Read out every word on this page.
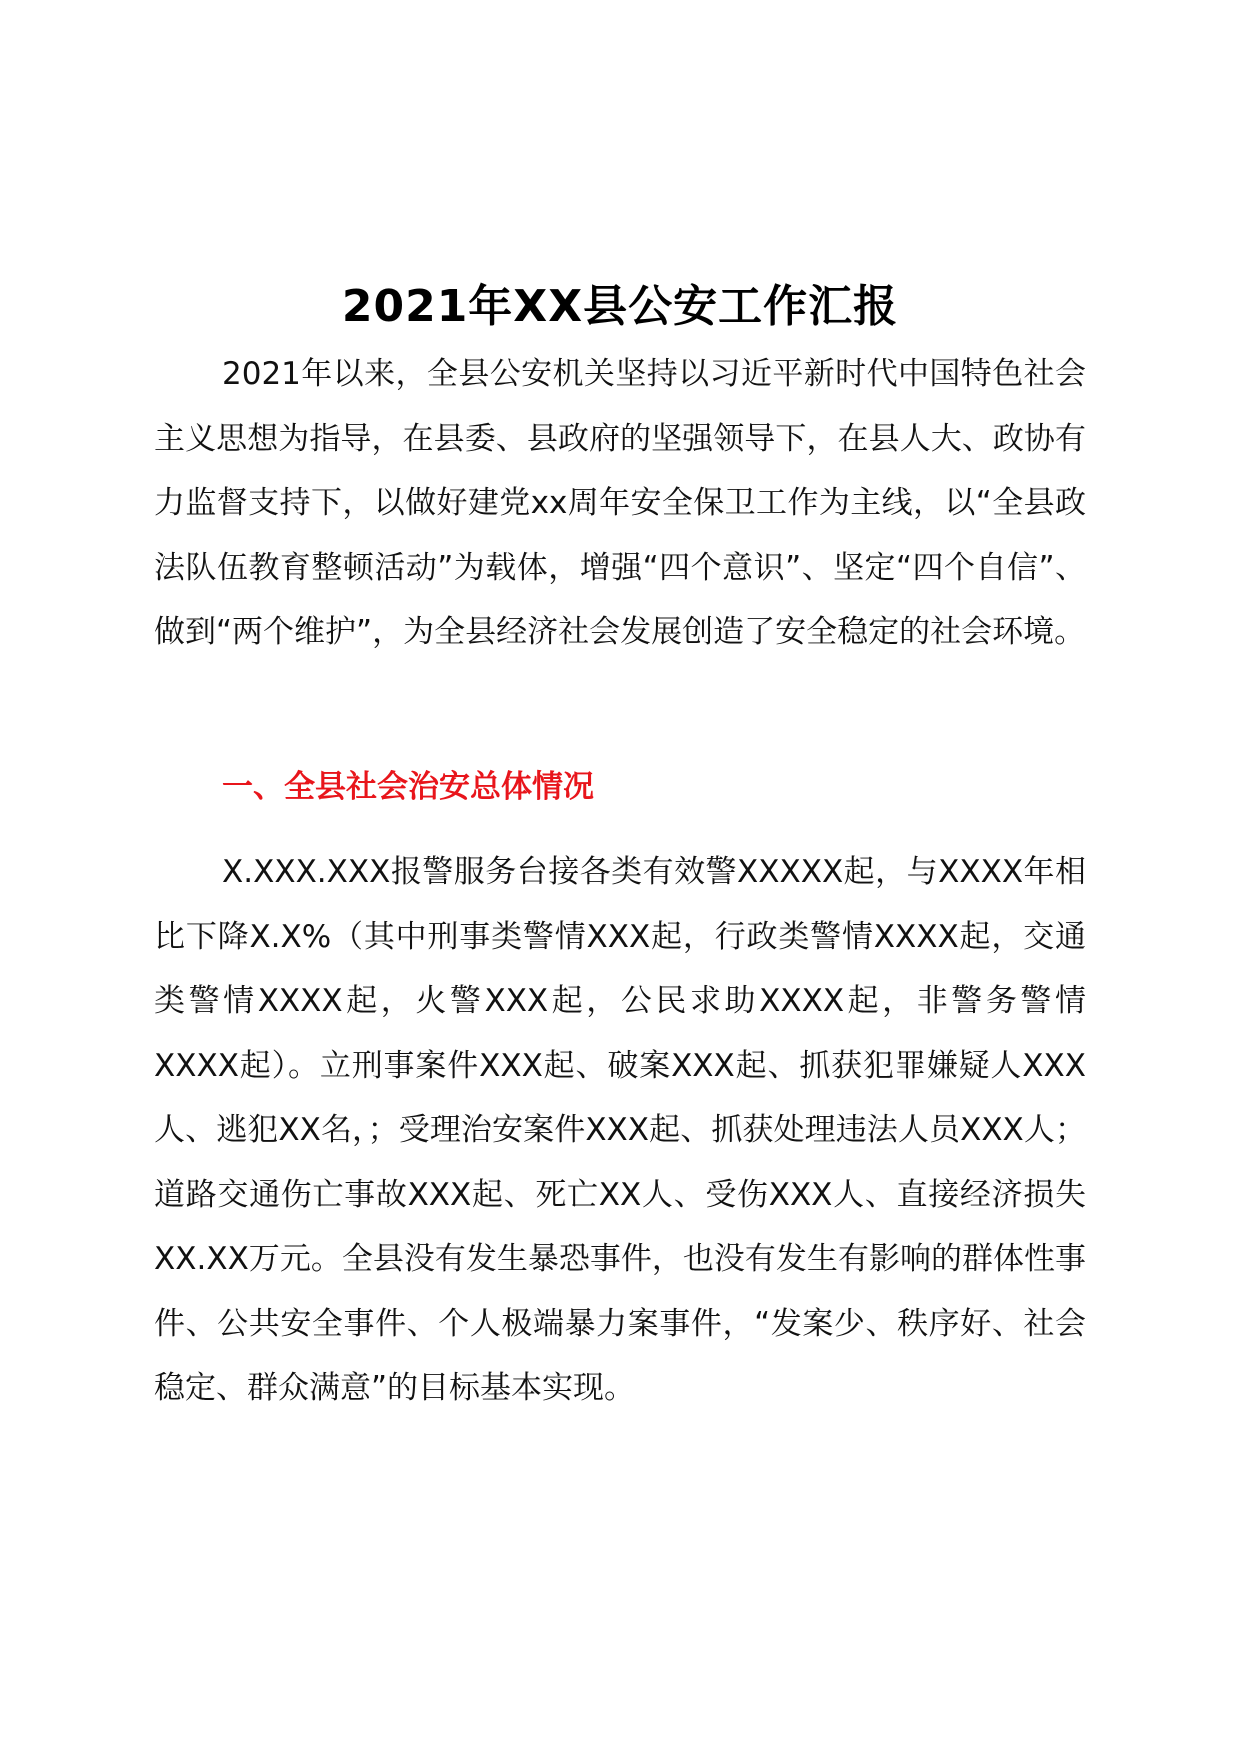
2021年XX县公安工作汇报

2021年以来，全县公安机关坚持以习近平新时代中国特色社会主义思想为指导，在县委、县政府的坚强领导下，在县人大、政协有力监督支持下，以做好建党xx周年安全保卫工作为主线，以“全县政法队伍教育整顿活动”为载体，增强“四个意识”、坚定“四个自信”、做到“两个维护”，为全县经济社会发展创造了安全稳定的社会环境。

一、全县社会治安总体情况

X.XXX.XXX报警服务台接各类有效警XXXXX起，与XXXX年相比下降X.X%（其中刑事类警情XXX起，行政类警情XXXX起，交通类警情XXXX起，火警XXX起，公民求助XXXX起，非警务警情XXXX起）。立刑事案件XXX起、破案XXX起、抓获犯罪嫌疑人XXX人、逃犯XX名，；受理治安案件XXX起、抓获处理违法人员XXX人；道路交通伤亡事故XXX起、死亡XX人、受伤XXX人、直接经济损失XX.XX万元。全县没有发生暴恐事件，也没有发生有影响的群体性事件、公共安全事件、个人极端暴力案事件，“发案少、秩序好、社会稳定、群众满意”的目标基本实现。
